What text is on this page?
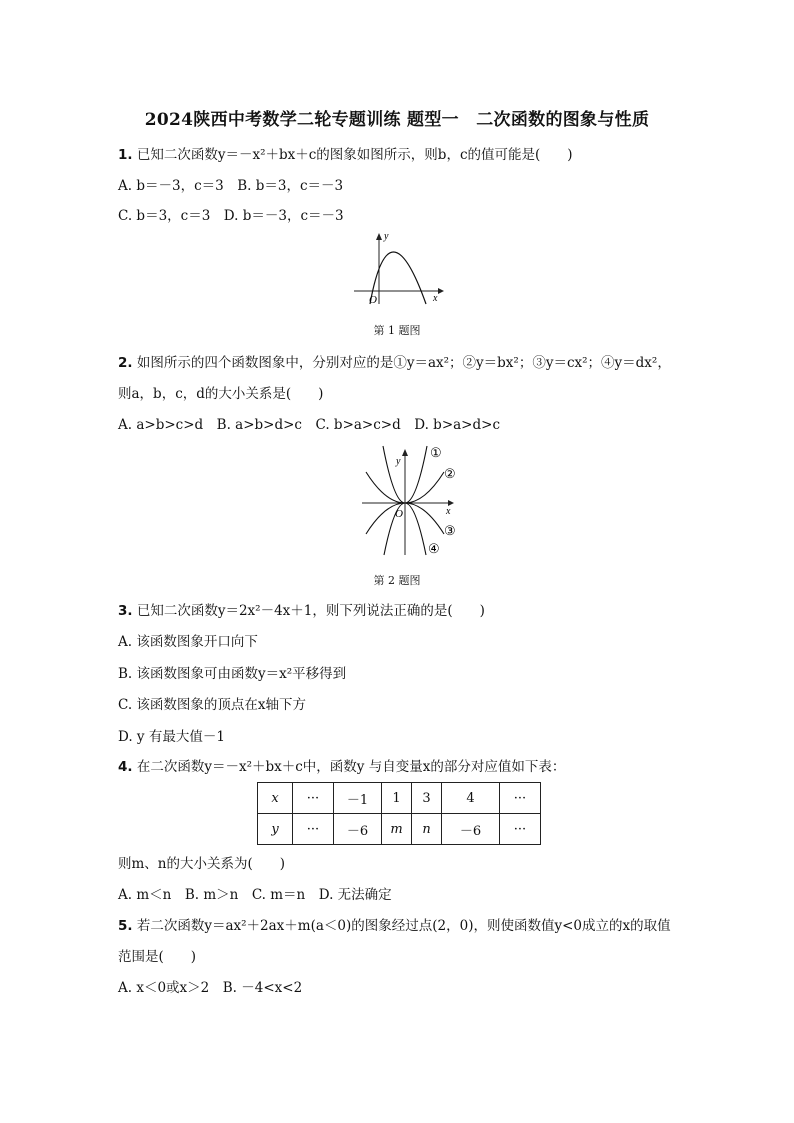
2024陕西中考数学二轮专题训练 题型一　二次函数的图象与性质
1. 已知二次函数y＝－x²＋bx＋c的图象如图所示，则b，c的值可能是(　　)
A. b＝－3，c＝3　B. b＝3，c＝－3
C. b＝3，c＝3　D. b＝－3，c＝－3
y
x
O
第 1 题图
2. 如图所示的四个函数图象中，分别对应的是①y＝ax²；②y＝bx²；③y＝cx²；④y＝dx²，
则a，b，c，d的大小关系是(　　)
A. a>b>c>d　B. a>b>d>c　C. b>a>c>d　D. b>a>d>c
y
x
O
①
②
③
④
第 2 题图
3. 已知二次函数y＝2x²－4x＋1，则下列说法正确的是(　　)
A. 该函数图象开口向下
B. 该函数图象可由函数y＝x²平移得到
C. 该函数图象的顶点在x轴下方
D. y 有最大值－1
4. 在二次函数y＝－x²＋bx＋c中，函数y 与自变量x的部分对应值如下表：
x	···	－1	1	3	4	···
y	···	－6	m	n	－6	···
则m、n的大小关系为(　　)
A. m＜n　B. m＞n　C. m＝n　D. 无法确定
5. 若二次函数y＝ax²＋2ax＋m(a＜0)的图象经过点(2，0)，则使函数值y<0成立的x的取值
范围是(　　)
A. x＜0或x＞2　B. －4<x<2
